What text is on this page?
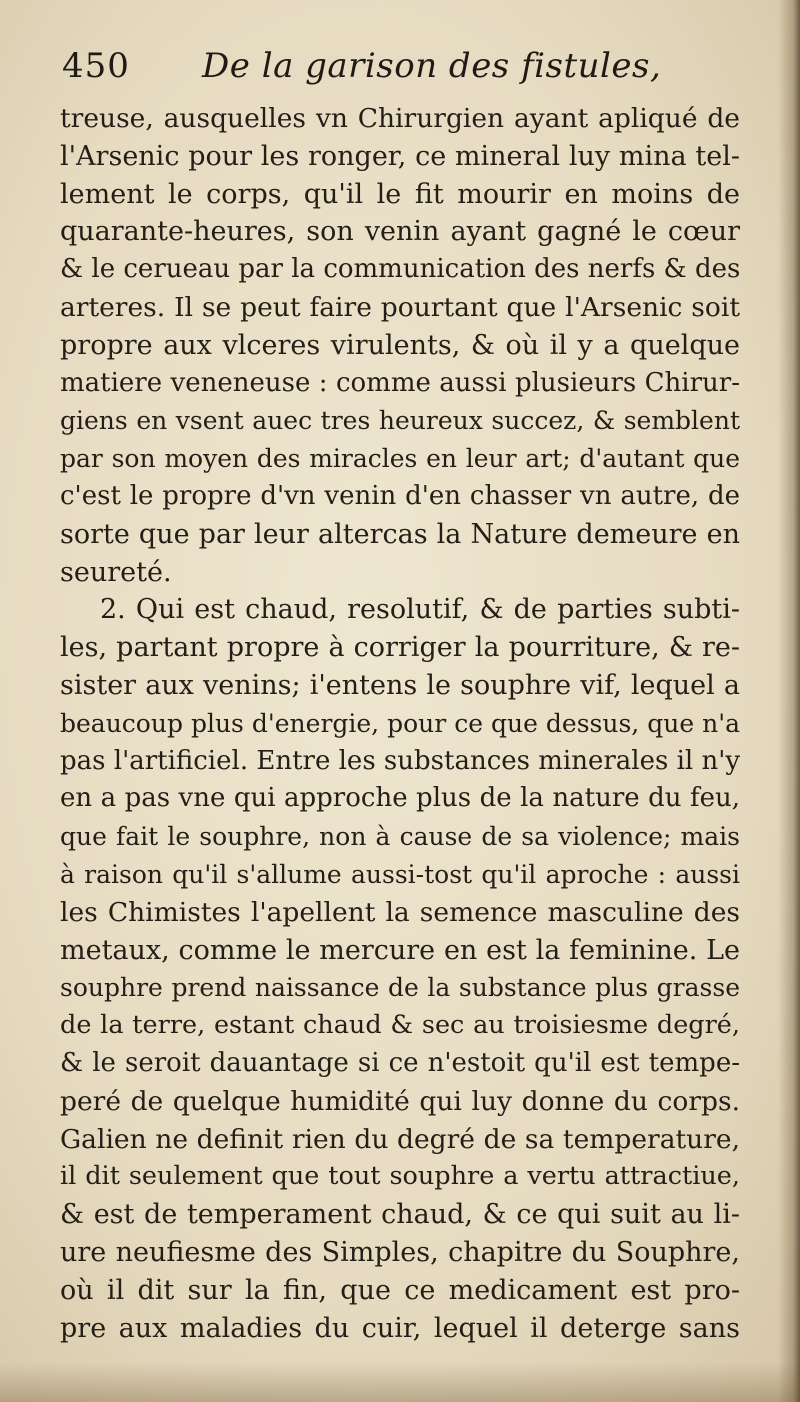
450 De la garison des fistules,
treuse, ausquelles vn Chirurgien ayant apliqué de
l'Arsenic pour les ronger, ce mineral luy mina tel-
lement le corps, qu'il le fit mourir en moins de
quarante-heures, son venin ayant gagné le cœur
& le cerueau par la communication des nerfs & des
arteres. Il se peut faire pourtant que l'Arsenic soit
propre aux vlceres virulents, & où il y a quelque
matiere veneneuse : comme aussi plusieurs Chirur-
giens en vsent auec tres heureux succez, & semblent
par son moyen des miracles en leur art; d'autant que
c'est le propre d'vn venin d'en chasser vn autre, de
sorte que par leur altercas la Nature demeure en
seureté.
2. Qui est chaud, resolutif, & de parties subti-
les, partant propre à corriger la pourriture, & re-
sister aux venins; i'entens le souphre vif, lequel a
beaucoup plus d'energie, pour ce que dessus, que n'a
pas l'artificiel. Entre les substances minerales il n'y
en a pas vne qui approche plus de la nature du feu,
que fait le souphre, non à cause de sa violence; mais
à raison qu'il s'allume aussi-tost qu'il aproche : aussi
les Chimistes l'apellent la semence masculine des
metaux, comme le mercure en est la feminine. Le
souphre prend naissance de la substance plus grasse
de la terre, estant chaud & sec au troisiesme degré,
& le seroit dauantage si ce n'estoit qu'il est tempe-
peré de quelque humidité qui luy donne du corps.
Galien ne definit rien du degré de sa temperature,
il dit seulement que tout souphre a vertu attractiue,
& est de temperament chaud, & ce qui suit au li-
ure neufiesme des Simples, chapitre du Souphre,
où il dit sur la fin, que ce medicament est pro-
pre aux maladies du cuir, lequel il deterge sans
